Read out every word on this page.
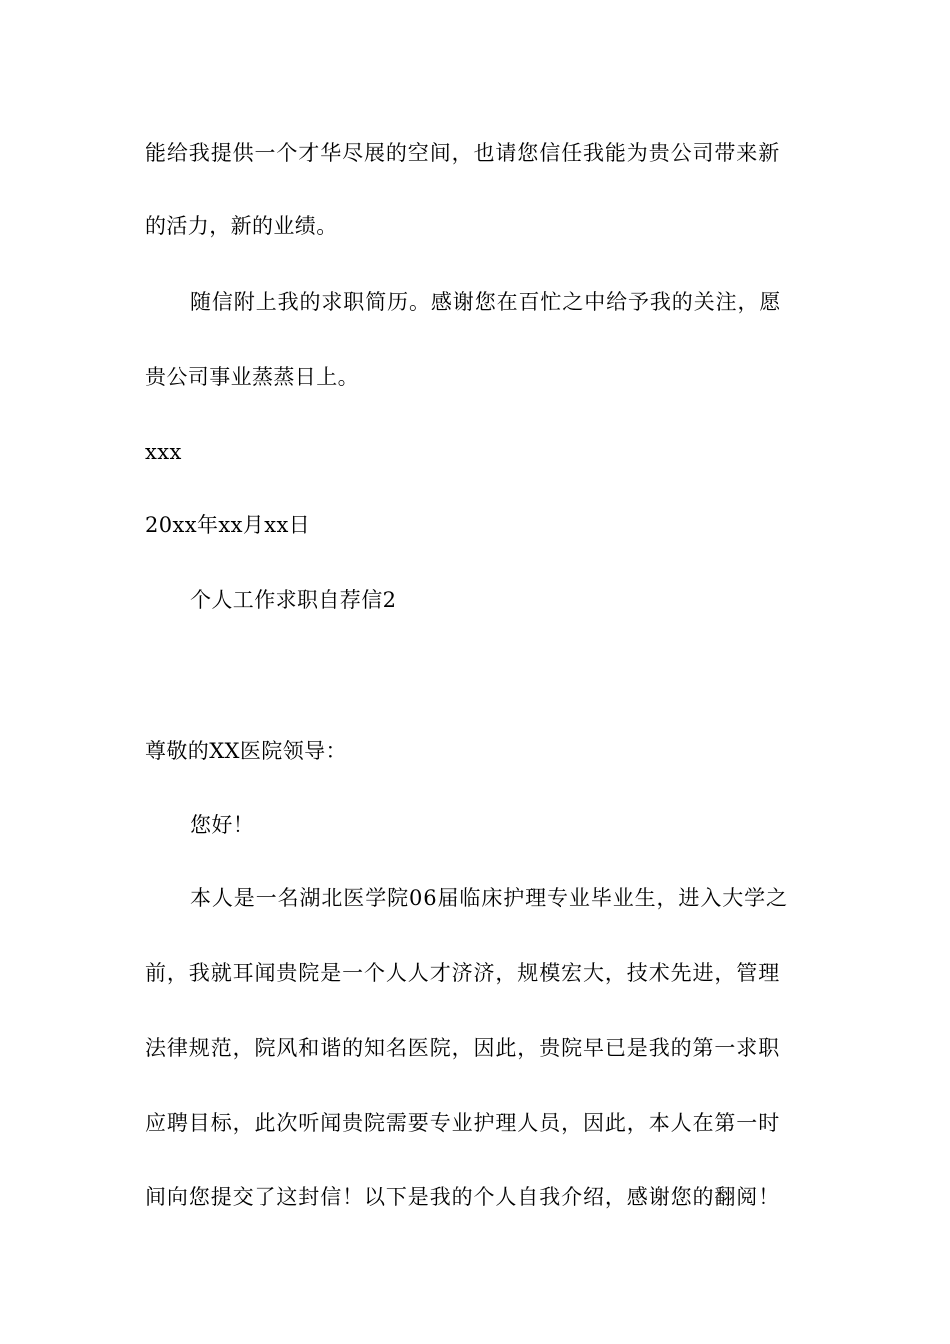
能给我提供一个才华尽展的空间，也请您信任我能为贵公司带来新
的活力，新的业绩。
随信附上我的求职简历。感谢您在百忙之中给予我的关注，愿
贵公司事业蒸蒸日上。
xxx
20xx年xx月xx日
个人工作求职自荐信2
尊敬的XX医院领导：
您好！
本人是一名湖北医学院06届临床护理专业毕业生，进入大学之
前，我就耳闻贵院是一个人人才济济，规模宏大，技术先进，管理
法律规范，院风和谐的知名医院，因此，贵院早已是我的第一求职
应聘目标，此次听闻贵院需要专业护理人员，因此，本人在第一时
间向您提交了这封信！以下是我的个人自我介绍，感谢您的翻阅！
